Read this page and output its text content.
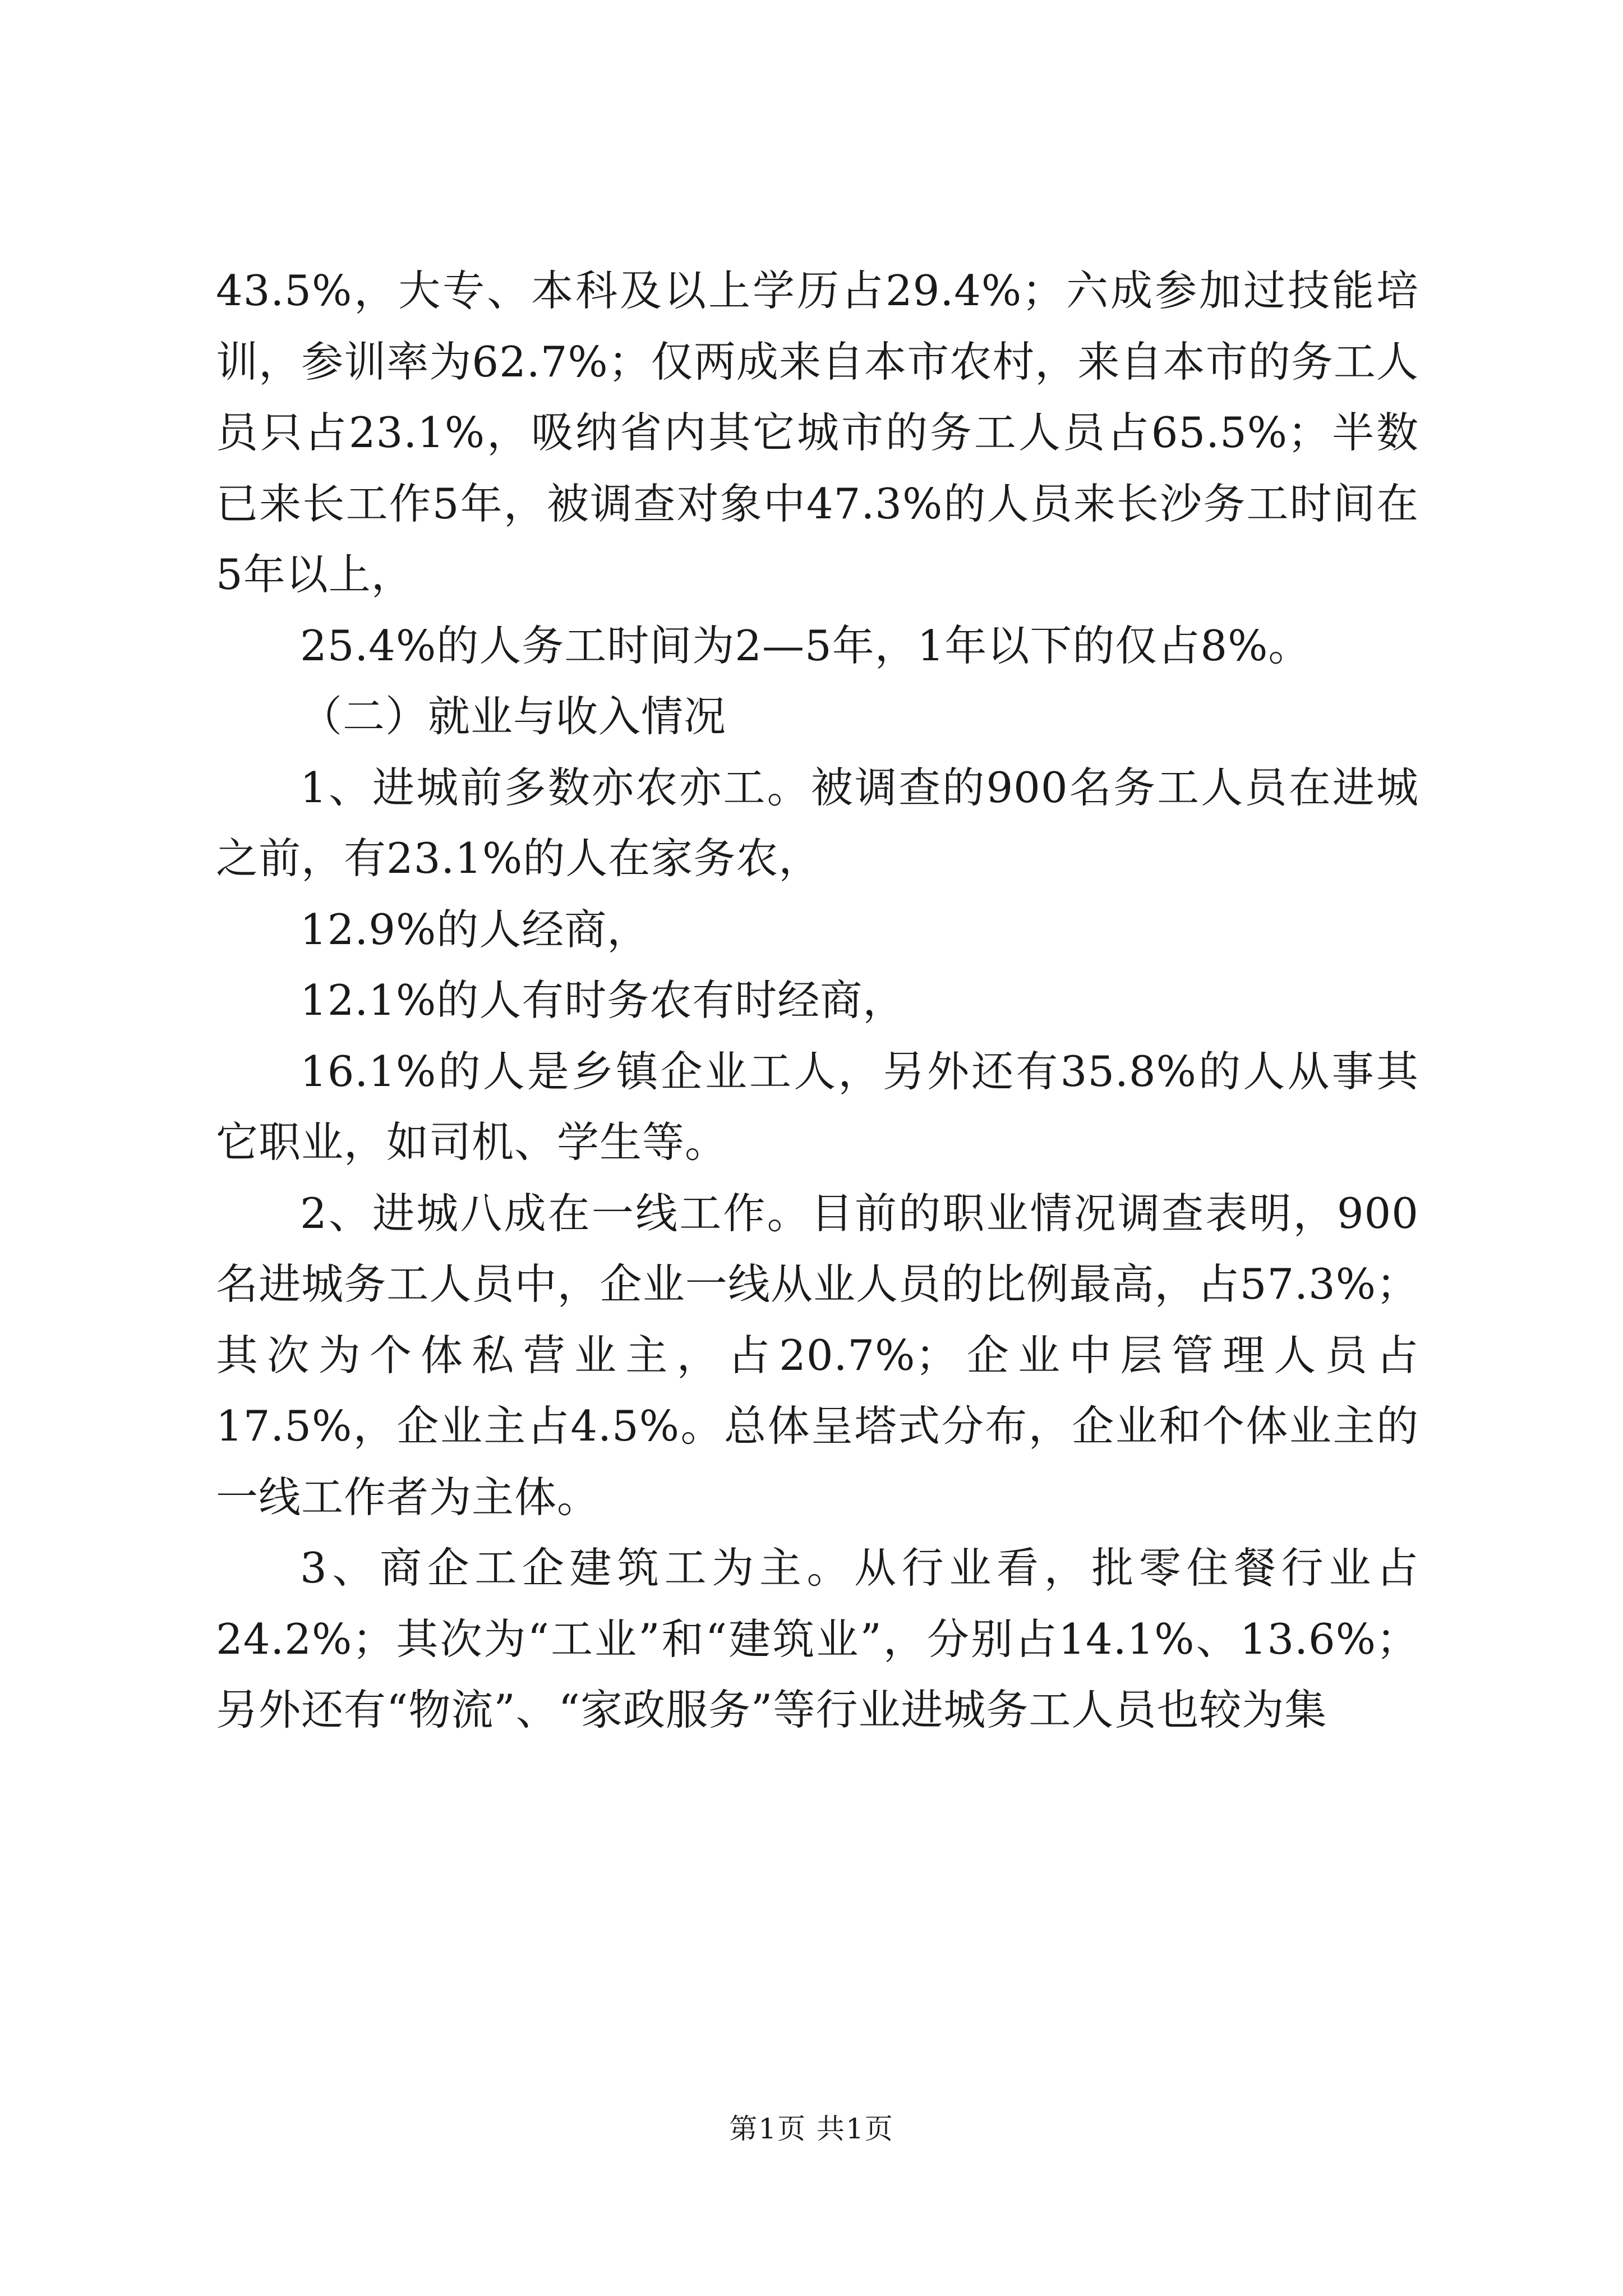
43.5%，大专、本科及以上学历占29.4%；六成参加过技能培训，参训率为62.7%；仅两成来自本市农村，来自本市的务工人员只占23.1%，吸纳省内其它城市的务工人员占65.5%；半数已来长工作5年，被调查对象中47.3%的人员来长沙务工时间在5年以上，

25.4%的人务工时间为2—5年，1年以下的仅占8%。

（二）就业与收入情况

1、进城前多数亦农亦工。被调查的900名务工人员在进城之前，有23.1%的人在家务农，

12.9%的人经商，

12.1%的人有时务农有时经商，

16.1%的人是乡镇企业工人，另外还有35.8%的人从事其它职业，如司机、学生等。

2、进城八成在一线工作。目前的职业情况调查表明，900名进城务工人员中，企业一线从业人员的比例最高，占57.3%；其次为个体私营业主，占20.7%；企业中层管理人员占17.5%，企业主占4.5%。总体呈塔式分布，企业和个体业主的一线工作者为主体。

3、商企工企建筑工为主。从行业看，批零住餐行业占24.2%；其次为“工业”和“建筑业”，分别占14.1%、13.6%；另外还有“物流”、“家政服务”等行业进城务工人员也较为集

第1页 共1页
